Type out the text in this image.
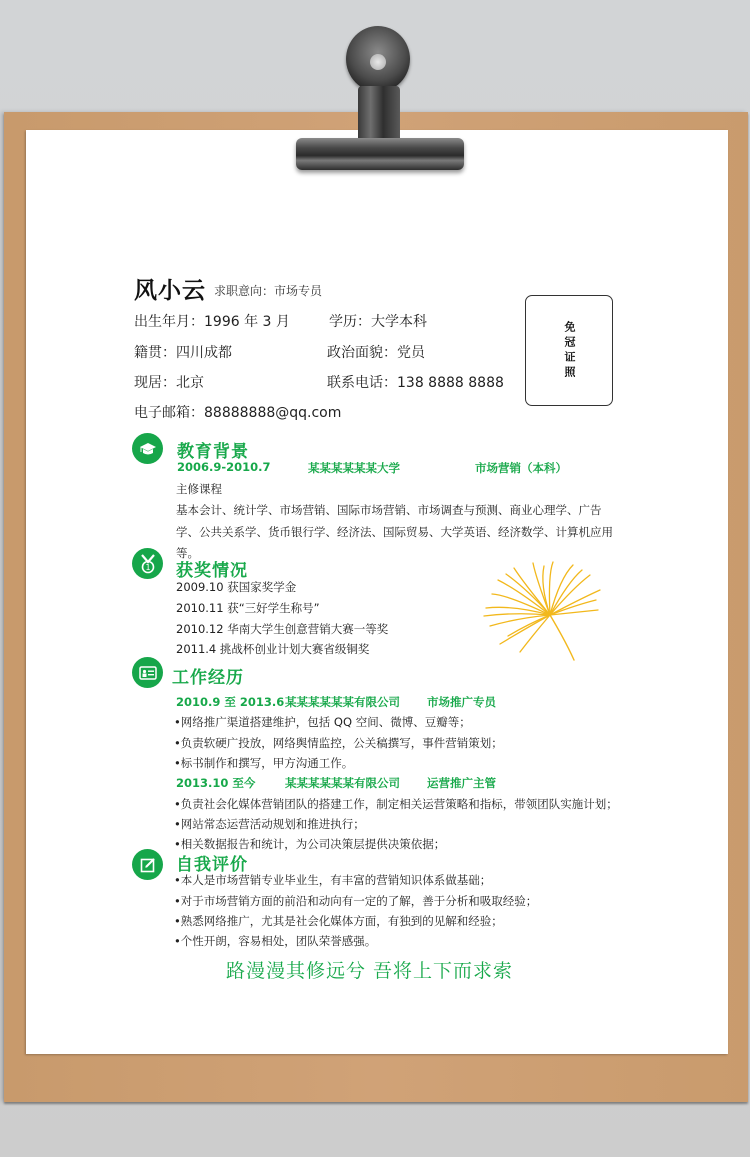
风小云 求职意向：市场专员
出生年月：1996 年 3 月	学历：大学本科
籍贯：四川成都	政治面貌：党员
现居：北京	联系电话：138 8888 8888
电子邮箱：88888888@qq.com
免冠证照
教育背景
2006.9-2010.7	某某某某某某大学	市场营销（本科）
主修课程
基本会计、统计学、市场营销、国际市场营销、市场调查与预测、商业心理学、广告学、公共关系学、货币银行学、经济法、国际贸易、大学英语、经济数学、计算机应用等。
1 获奖情况
2009.10 获国家奖学金
2010.11 获“三好学生称号”
2010.12 华南大学生创意营销大赛一等奖
2011.4 挑战杯创业计划大赛省级铜奖
工作经历
2010.9 至 2013.6 某某某某某某有限公司 市场推广专员
•网络推广渠道搭建维护，包括 QQ 空间、微博、豆瓣等；
•负责软硬广投放，网络舆情监控，公关稿撰写，事件营销策划；
•标书制作和撰写，甲方沟通工作。
2013.10 至今	某某某某某某有限公司 运营推广主管
•负责社会化媒体营销团队的搭建工作，制定相关运营策略和指标，带领团队实施计划；
•网站常态运营活动规划和推进执行；
•相关数据报告和统计，为公司决策层提供决策依据；
自我评价
•本人是市场营销专业毕业生，有丰富的营销知识体系做基础；
•对于市场营销方面的前沿和动向有一定的了解，善于分析和吸取经验；
•熟悉网络推广，尤其是社会化媒体方面，有独到的见解和经验；
•个性开朗，容易相处，团队荣誉感强。
路漫漫其修远兮 吾将上下而求索
